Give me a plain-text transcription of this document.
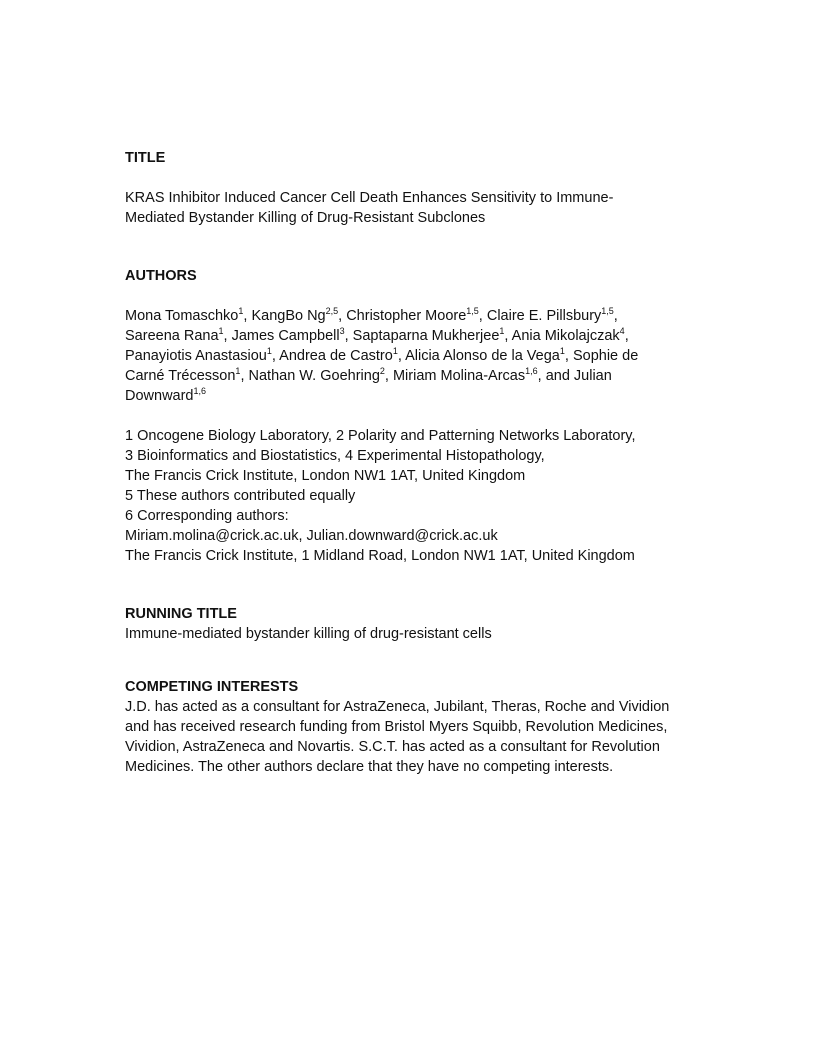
TITLE
KRAS Inhibitor Induced Cancer Cell Death Enhances Sensitivity to Immune-
Mediated Bystander Killing of Drug-Resistant Subclones
AUTHORS
Mona Tomaschko$^1$, KangBo Ng$^{2,5}$, Christopher Moore$^{1,5}$, Claire E. Pillsbury$^{1,5}$,
Sareena Rana$^1$, James Campbell$^3$, Saptaparna Mukherjee$^1$, Ania Mikolajczak$^4$,
Panayiotis Anastasiou$^1$, Andrea de Castro$^1$, Alicia Alonso de la Vega$^1$, Sophie de
Carné Trécesson$^1$, Nathan W. Goehring$^2$, Miriam Molina-Arcas$^{1,6}$, and Julian
Downward$^{1,6}$
1 Oncogene Biology Laboratory, 2 Polarity and Patterning Networks Laboratory,
3 Bioinformatics and Biostatistics, 4 Experimental Histopathology,
The Francis Crick Institute, London NW1 1AT, United Kingdom
5 These authors contributed equally
6 Corresponding authors:
Miriam.molina@crick.ac.uk, Julian.downward@crick.ac.uk
The Francis Crick Institute, 1 Midland Road, London NW1 1AT, United Kingdom
RUNNING TITLE
Immune-mediated bystander killing of drug-resistant cells
COMPETING INTERESTS
J.D. has acted as a consultant for AstraZeneca, Jubilant, Theras, Roche and Vividion
and has received research funding from Bristol Myers Squibb, Revolution Medicines,
Vividion, AstraZeneca and Novartis. S.C.T. has acted as a consultant for Revolution
Medicines. The other authors declare that they have no competing interests.
